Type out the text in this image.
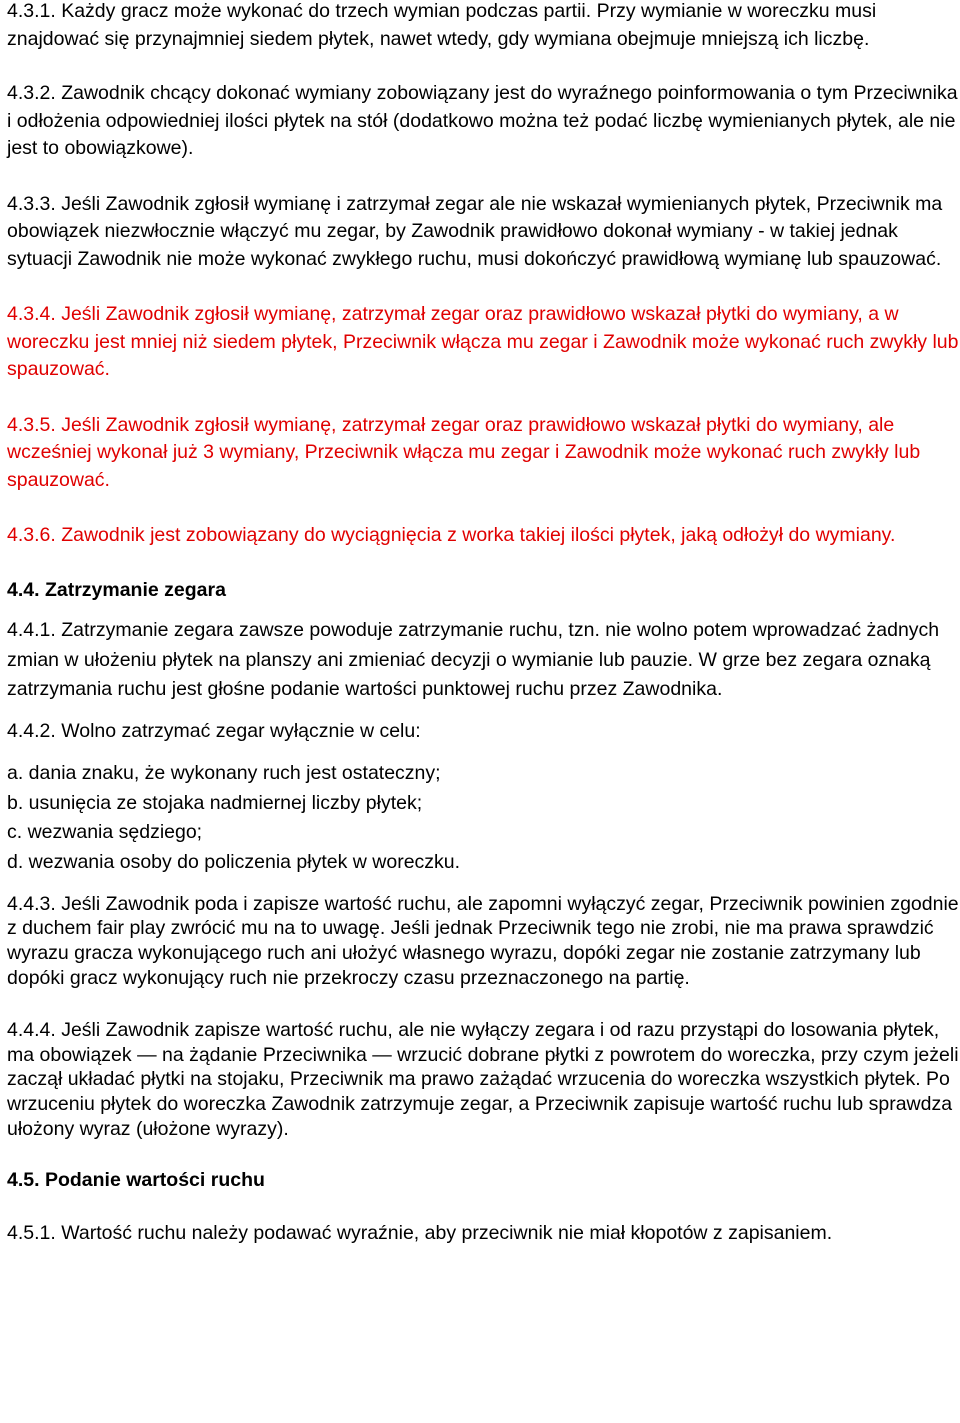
4.3.1. Każdy gracz może wykonać do trzech wymian podczas partii. Przy wymianie w woreczku musi znajdować się przynajmniej siedem płytek, nawet wtedy, gdy wymiana obejmuje mniejszą ich liczbę.

4.3.2. Zawodnik chcący dokonać wymiany zobowiązany jest do wyraźnego poinformowania o tym Przeciwnika i odłożenia odpowiedniej ilości płytek na stół (dodatkowo można też podać liczbę wymienianych płytek, ale nie jest to obowiązkowe).

4.3.3. Jeśli Zawodnik zgłosił wymianę i zatrzymał zegar ale nie wskazał wymienianych płytek, Przeciwnik ma obowiązek niezwłocznie włączyć mu zegar, by Zawodnik prawidłowo dokonał wymiany - w takiej jednak sytuacji Zawodnik nie może wykonać zwykłego ruchu, musi dokończyć prawidłową wymianę lub spauzować.

4.3.4. Jeśli Zawodnik zgłosił wymianę, zatrzymał zegar oraz prawidłowo wskazał płytki do wymiany, a w woreczku jest mniej niż siedem płytek, Przeciwnik włącza mu zegar i Zawodnik może wykonać ruch zwykły lub spauzować.

4.3.5. Jeśli Zawodnik zgłosił wymianę, zatrzymał zegar oraz prawidłowo wskazał płytki do wymiany, ale wcześniej wykonał już 3 wymiany, Przeciwnik włącza mu zegar i Zawodnik może wykonać ruch zwykły lub spauzować.

4.3.6. Zawodnik jest zobowiązany do wyciągnięcia z worka takiej ilości płytek, jaką odłożył do wymiany.

4.4. Zatrzymanie zegara

4.4.1. Zatrzymanie zegara zawsze powoduje zatrzymanie ruchu, tzn. nie wolno potem wprowadzać żadnych zmian w ułożeniu płytek na planszy ani zmieniać decyzji o wymianie lub pauzie. W grze bez zegara oznaką zatrzymania ruchu jest głośne podanie wartości punktowej ruchu przez Zawodnika.

4.4.2. Wolno zatrzymać zegar wyłącznie w celu:

a. dania znaku, że wykonany ruch jest ostateczny;

b. usunięcia ze stojaka nadmiernej liczby płytek;

c. wezwania sędziego;

d. wezwania osoby do policzenia płytek w woreczku.

4.4.3. Jeśli Zawodnik poda i zapisze wartość ruchu, ale zapomni wyłączyć zegar, Przeciwnik powinien zgodnie z duchem fair play zwrócić mu na to uwagę. Jeśli jednak Przeciwnik tego nie zrobi, nie ma prawa sprawdzić wyrazu gracza wykonującego ruch ani ułożyć własnego wyrazu, dopóki zegar nie zostanie zatrzymany lub dopóki gracz wykonujący ruch nie przekroczy czasu przeznaczonego na partię.

4.4.4. Jeśli Zawodnik zapisze wartość ruchu, ale nie wyłączy zegara i od razu przystąpi do losowania płytek, ma obowiązek — na żądanie Przeciwnika — wrzucić dobrane płytki z powrotem do woreczka, przy czym jeżeli zaczął układać płytki na stojaku, Przeciwnik ma prawo zażądać wrzucenia do woreczka wszystkich płytek. Po wrzuceniu płytek do woreczka Zawodnik zatrzymuje zegar, a Przeciwnik zapisuje wartość ruchu lub sprawdza ułożony wyraz (ułożone wyrazy).

4.5. Podanie wartości ruchu

4.5.1. Wartość ruchu należy podawać wyraźnie, aby przeciwnik nie miał kłopotów z zapisaniem.
